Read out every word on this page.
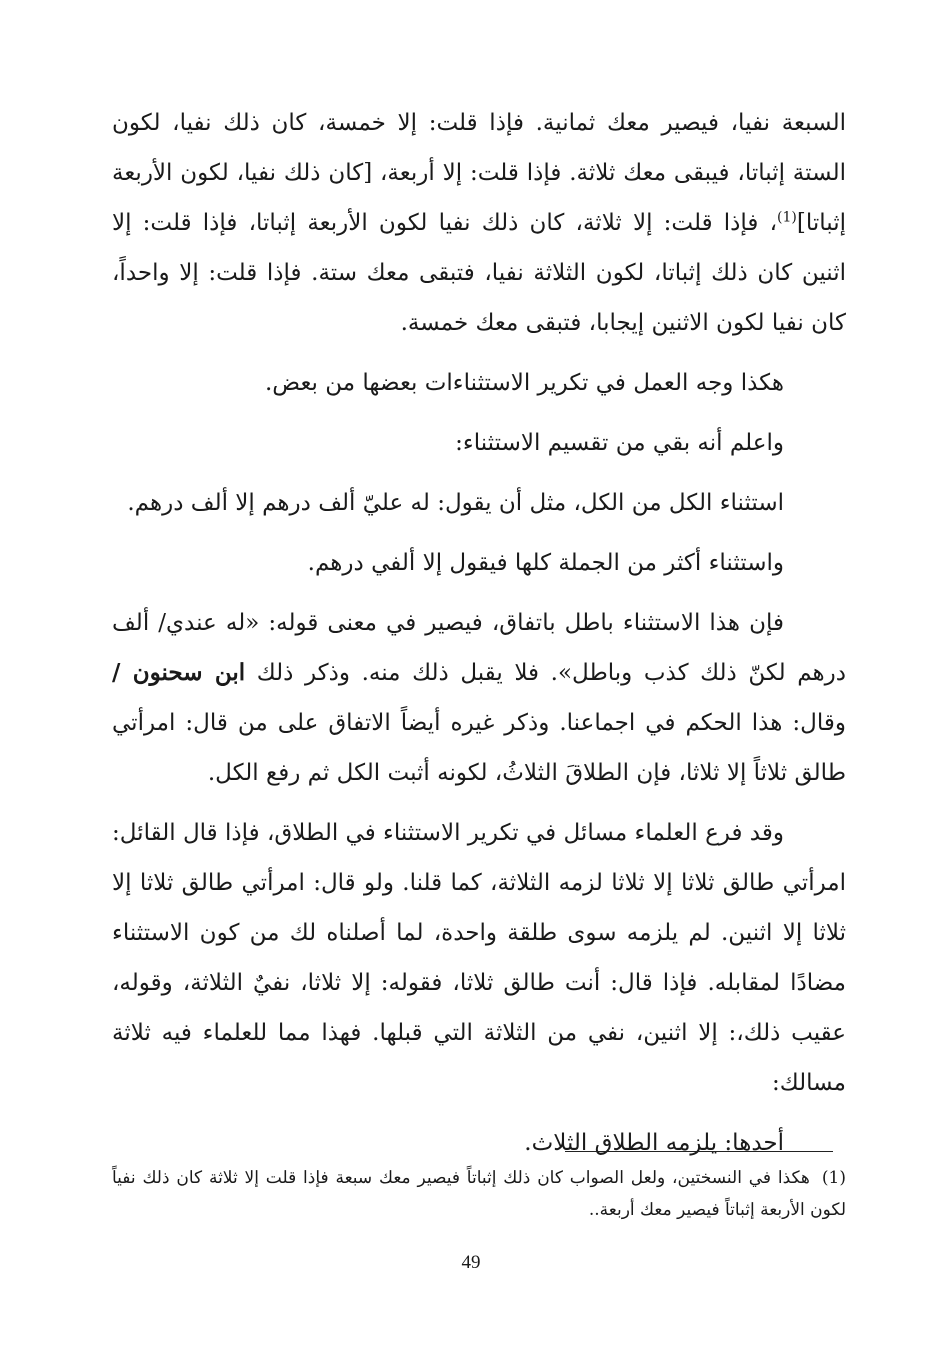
السبعة نفيا، فيصير معك ثمانية. فإذا قلت: إلا خمسة، كان ذلك نفيا، لكون الستة إثباتا، فيبقى معك ثلاثة. فإذا قلت: إلا أربعة، [كان ذلك نفيا، لكون الأربعة إثباتا]$^{(1)}$، فإذا قلت: إلا ثلاثة، كان ذلك نفيا لكون الأربعة إثباتا، فإذا قلت: إلا اثنين كان ذلك إثباتا، لكون الثلاثة نفيا، فتبقى معك ستة. فإذا قلت: إلا واحداً، كان نفيا لكون الاثنين إيجابا، فتبقى معك خمسة.

هكذا وجه العمل في تكرير الاستثناءات بعضها من بعض.

واعلم أنه بقي من تقسيم الاستثناء:

استثناء الكل من الكل، مثل أن يقول: له عليّ ألف درهم إلا ألف درهم.

واستثناء أكثر من الجملة كلها فيقول إلا ألفي درهم.

فإن هذا الاستثناء باطل باتفاق، فيصير في معنى قوله: «له عندي/ ألف درهم لكنّ ذلك كذب وباطل». فلا يقبل ذلك منه. وذكر ذلك ابن سحنون / وقال: هذا الحكم في اجماعنا. وذكر غيره أيضاً الاتفاق على من قال: امرأتي طالق ثلاثاً إلا ثلاثا، فإن الطلاقَ الثلاثُ، لكونه أثبت الكل ثم رفع الكل.

وقد فرع العلماء مسائل في تكرير الاستثناء في الطلاق، فإذا قال القائل: امرأتي طالق ثلاثا إلا ثلاثا لزمه الثلاثة، كما قلنا. ولو قال: امرأتي طالق ثلاثا إلا ثلاثا إلا اثنين. لم يلزمه سوى طلقة واحدة، لما أصلناه لك من كون الاستثناء مضادًا لمقابله. فإذا قال: أنت طالق ثلاثا، فقوله: إلا ثلاثا، نفيٌ الثلاثة، وقوله، عقيب ذلك،: إلا اثنين، نفي من الثلاثة التي قبلها. فهذا مما للعلماء فيه ثلاثة مسالك:

أحدها: يلزمه الطلاق الثلاث.

(1)هكذا في النسختين، ولعل الصواب كان ذلك إثباتاً فيصير معك سبعة فإذا قلت إلا ثلاثة كان ذلك نفياً لكون الأربعة إثباتاً فيصير معك أربعة..
49
